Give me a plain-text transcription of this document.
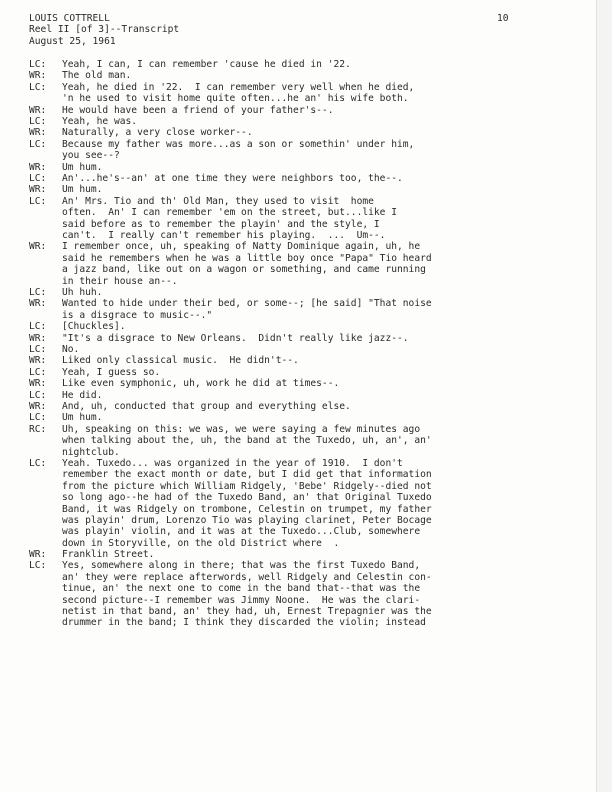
LOUIS COTTRELL
Reel II [of 3]--Transcript
August 25, 1961
10
LC:	Yeah, I can, I can remember 'cause he died in '22.
WR:	The old man.
LC:	Yeah, he died in '22.  I can remember very well when he died,
'n he used to visit home quite often...he an' his wife both.
WR:	He would have been a friend of your father's--.
LC:	Yeah, he was.
WR:	Naturally, a very close worker--.
LC:	Because my father was more...as a son or somethin' under him,
you see--?
WR:	Um hum.
LC:	An'...he's--an' at one time they were neighbors too, the--.
WR:	Um hum.
LC:	An' Mrs. Tio and th' Old Man, they used to visit  home
often.  An' I can remember 'em on the street, but...like I
said before as to remember the playin' and the style, I
can't.  I really can't remember his playing.  ...  Um--.
WR:	I remember once, uh, speaking of Natty Dominique again, uh, he
said he remembers when he was a little boy once "Papa" Tio heard
a jazz band, like out on a wagon or something, and came running
in their house an--.
LC:	Uh huh.
WR:	Wanted to hide under their bed, or some--; [he said] "That noise
is a disgrace to music--."
LC:	[Chuckles].
WR:	"It's a disgrace to New Orleans.  Didn't really like jazz--.
LC:	No.
WR:	Liked only classical music.  He didn't--.
LC:	Yeah, I guess so.
WR:	Like even symphonic, uh, work he did at times--.
LC:	He did.
WR:	And, uh, conducted that group and everything else.
LC:	Um hum.
RC:	Uh, speaking on this: we was, we were saying a few minutes ago
when talking about the, uh, the band at the Tuxedo, uh, an', an'
nightclub.
LC:	Yeah. Tuxedo... was organized in the year of 1910.  I don't
remember the exact month or date, but I did get that information
from the picture which William Ridgely, 'Bebe' Ridgely--died not
so long ago--he had of the Tuxedo Band, an' that Original Tuxedo
Band, it was Ridgely on trombone, Celestin on trumpet, my father
was playin' drum, Lorenzo Tio was playing clarinet, Peter Bocage
was playin' violin, and it was at the Tuxedo...Club, somewhere
down in Storyville, on the old District where  .
WR:	Franklin Street.
LC:	Yes, somewhere along in there; that was the first Tuxedo Band,
an' they were replace afterwords, well Ridgely and Celestin con-
tinue, an' the next one to come in the band that--that was the
second picture--I remember was Jimmy Noone.  He was the clari-
netist in that band, an' they had, uh, Ernest Trepagnier was the
drummer in the band; I think they discarded the violin; instead
